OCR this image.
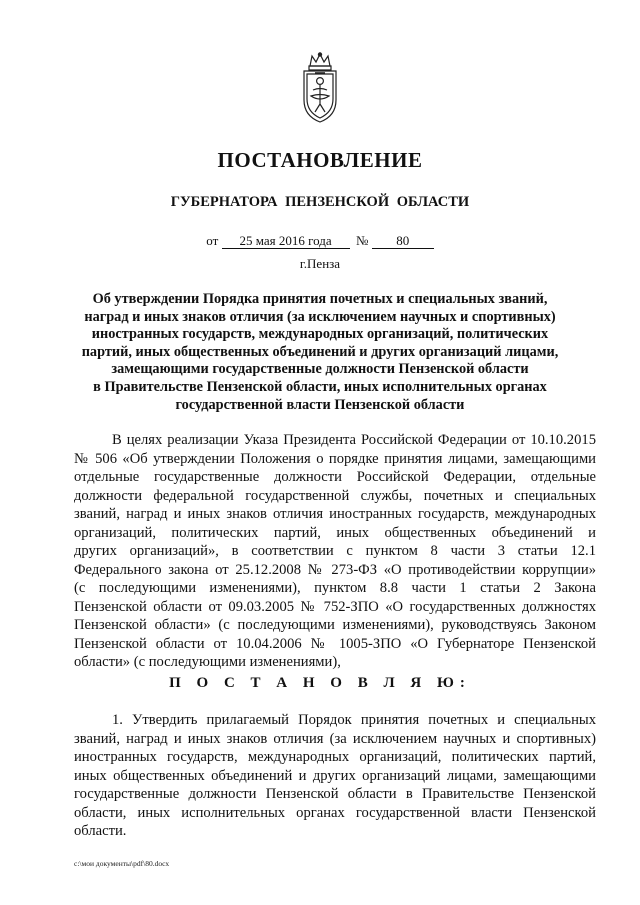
ПОСТАНОВЛЕНИЕ
ГУБЕРНАТОРА ПЕНЗЕНСКОЙ ОБЛАСТИ
от 25 мая 2016 года № 80
г.Пенза
Об утверждении Порядка принятия почетных и специальных званий,
наград и иных знаков отличия (за исключением научных и спортивных)
иностранных государств, международных организаций, политических
партий, иных общественных объединений и других организаций лицами,
замещающими государственные должности Пензенской области
в Правительстве Пензенской области, иных исполнительных органах
государственной власти Пензенской области
В целях реализации Указа Президента Российской Федерации от 10.10.2015
№ 506 «Об утверждении Положения о порядке принятия лицами, замещающими
отдельные государственные должности Российской Федерации, отдельные
должности федеральной государственной службы, почетных и специальных
званий, наград и иных знаков отличия иностранных государств, международных
организаций, политических партий, иных общественных объединений и
других организаций», в соответствии с пунктом 8 части 3 статьи 12.1
Федерального закона от 25.12.2008 № 273-ФЗ «О противодействии коррупции»
(с последующими изменениями), пунктом 8.8 части 1 статьи 2 Закона
Пензенской области от 09.03.2005 № 752-ЗПО «О государственных должностях
Пензенской области» (с последующими изменениями), руководствуясь Законом
Пензенской области от 10.04.2006 № 1005-ЗПО «О Губернаторе Пензенской
области» (с последующими изменениями),
П О С Т А Н О В Л Я Ю:
1. Утвердить прилагаемый Порядок принятия почетных и специальных
званий, наград и иных знаков отличия (за исключением научных и спортивных)
иностранных государств, международных организаций, политических партий,
иных общественных объединений и других организаций лицами, замещающими
государственные должности Пензенской области в Правительстве Пензенской
области, иных исполнительных органах государственной власти Пензенской
области.
c:\мои документы\pdf\80.docx
